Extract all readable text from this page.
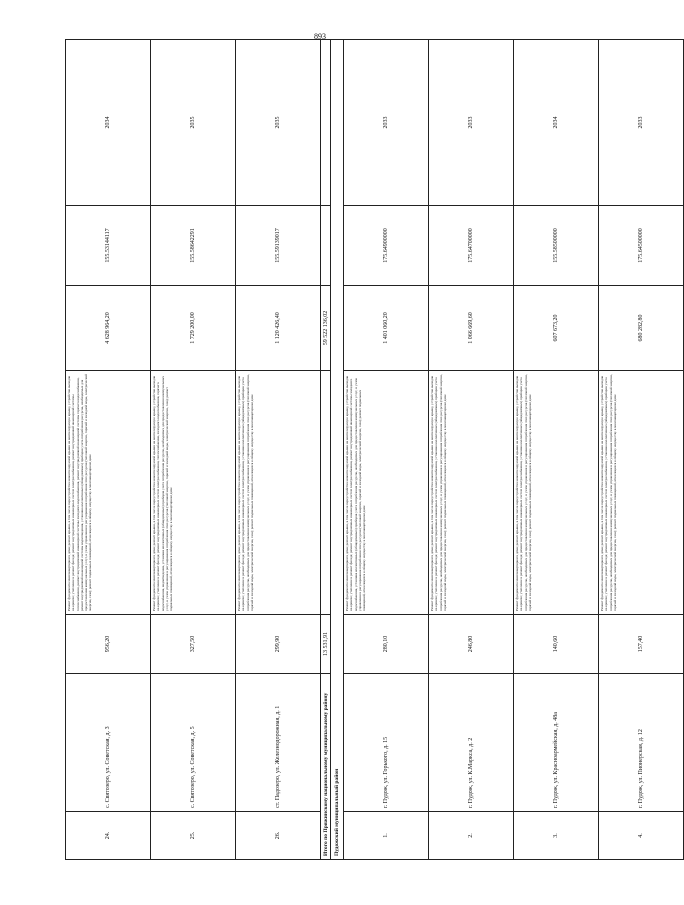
893
24.	с. Святозеро, ул. Советская, д. 3	956,20	Ремонт фундамента многоквартирного дома; ремонт крыши, в том числе переустройство невентилируемой крыши на вентилируемую крышу, устройство выходов на кровлю; утепление и ремонт фасада; ремонт внутридомовых инженерных систем электроснабжения, ремонт внутридомовой инженерной системы теплоснабжения, ремонт внутридомовой инженерной системы холодного водоснабжения, ремонт внутридомовой инженерной системы горячего водоснабжения, ремонт внутридомовой инженерной системы водоотведения, установка коллективных (общедомовых) приборов учета потребления ресурсов, необходимых для предоставления коммунальных услуг, и узлов управления и регулирования потребления этих ресурсов (тепловой энергии, горячей и холодной воды, электрической энергии, газа); ремонт подвальных помещений, относящихся к общему имуществу в многоквартирном доме	4 628 964,20	155.53144117	2034
25.	с. Святозеро, ул. Советская, д. 5	327,50	Ремонт фундамента многоквартирного дома; ремонт крыши, в том числе переустройство невентилируемой крыши на вентилируемую крышу, устройство выходов на кровлю; утепление и ремонт фасада; ремонт внутридомовых инженерных систем электроснабжения, теплоснабжения, холодного водоснабжения, горячего водоснабжения, водоотведения, установка коллективных (общедомовых) приборов учета потребления ресурсов, необходимых для предоставления коммунальных услуг, и узлов управления и регулирования потребления этих ресурсов (тепловой энергии, горячей и холодной воды, электрической энергии, газа); ремонт подвальных помещений, относящихся к общему имуществу в многоквартирном доме	1 729 200,00	155.58642291	2035
26.	ст. Падозеро, ул. Железнодорожная, д. 1	299,90	Ремонт фундамента многоквартирного дома; ремонт крыши, в том числе переустройство невентилируемой крыши на вентилируемую крышу, устройство выходов на кровлю; утепление и ремонт фасада; ремонт внутридомовых инженерных систем электроснабжения, установка коллективных (общедомовых) приборов учета потребления ресурсов, необходимых для предоставления коммунальных услуг, и узлов управления и регулирования потребления этих ресурсов (тепловой энергии, горячей и холодной воды, электрической энергии, газа); ремонт подвальных помещений, относящихся к общему имуществу в многоквартирном доме	1 120 426,40	155.59139017	2035
Итого по Пряжинскому национальному муниципальному району		13 531,91		59 522 136,02		
Пудожский муниципальный район						
1.	г. Пудож, ул. Горького, д. 15	280,10	Ремонт фундамента многоквартирного дома; ремонт крыши, в том числе переустройство невентилируемой крыши на вентилируемую крышу, устройство выходов на кровлю; утепление и ремонт фасада; ремонт внутридомовых инженерных систем электроснабжения, ремонт внутридомовой инженерной системы холодного водоснабжения, установка коллективных (общедомовых) приборов учета потребления ресурсов, необходимых для предоставления коммунальных услуг, и узлов управления и регулирования потребления этих ресурсов (тепловой энергии, горячей и холодной воды, электрической энергии, газа); ремонт подвальных помещений, относящихся к общему имуществу в многоквартирном доме	1 401 060,20	175.64900000	2033
2.	г. Пудож, ул. К.Маркса, д. 2	246,80	Ремонт фундамента многоквартирного дома; ремонт крыши, в том числе переустройство невентилируемой крыши на вентилируемую крышу, устройство выходов на кровлю; утепление и ремонт фасада; ремонт внутридомовых инженерных систем электроснабжения, установка коллективных (общедомовых) приборов учета потребления ресурсов, необходимых для предоставления коммунальных услуг, и узлов управления и регулирования потребления этих ресурсов (тепловой энергии, горячей и холодной воды, электрической энергии, газа); ремонт подвальных помещений, относящихся к общему имуществу в многоквартирном доме	1 066 669,60	175.64700000	2033
3.	г. Пудож, ул. Красноармейская, д. 48а	140,60	Ремонт фундамента многоквартирного дома; ремонт крыши, в том числе переустройство невентилируемой крыши на вентилируемую крышу, устройство выходов на кровлю; утепление и ремонт фасада; ремонт внутридомовых инженерных систем электроснабжения, установка коллективных (общедомовых) приборов учета потребления ресурсов, необходимых для предоставления коммунальных услуг, и узлов управления и регулирования потребления этих ресурсов (тепловой энергии, горячей и холодной воды, электрической энергии, газа); ремонт подвальных помещений, относящихся к общему имуществу в многоквартирном доме	607 673,20	155.58500000	2034
4.	г. Пудож, ул. Пионерская, д. 12	157,40	Ремонт фундамента многоквартирного дома; ремонт крыши, в том числе переустройство невентилируемой крыши на вентилируемую крышу, устройство выходов на кровлю; утепление и ремонт фасада; ремонт внутридомовых инженерных систем электроснабжения, установка коллективных (общедомовых) приборов учета потребления ресурсов, необходимых для предоставления коммунальных услуг, и узлов управления и регулирования потребления этих ресурсов (тепловой энергии, горячей и холодной воды, электрической энергии, газа); ремонт подвальных помещений, относящихся к общему имуществу в многоквартирном доме	680 282,80	175.64500000	2033
